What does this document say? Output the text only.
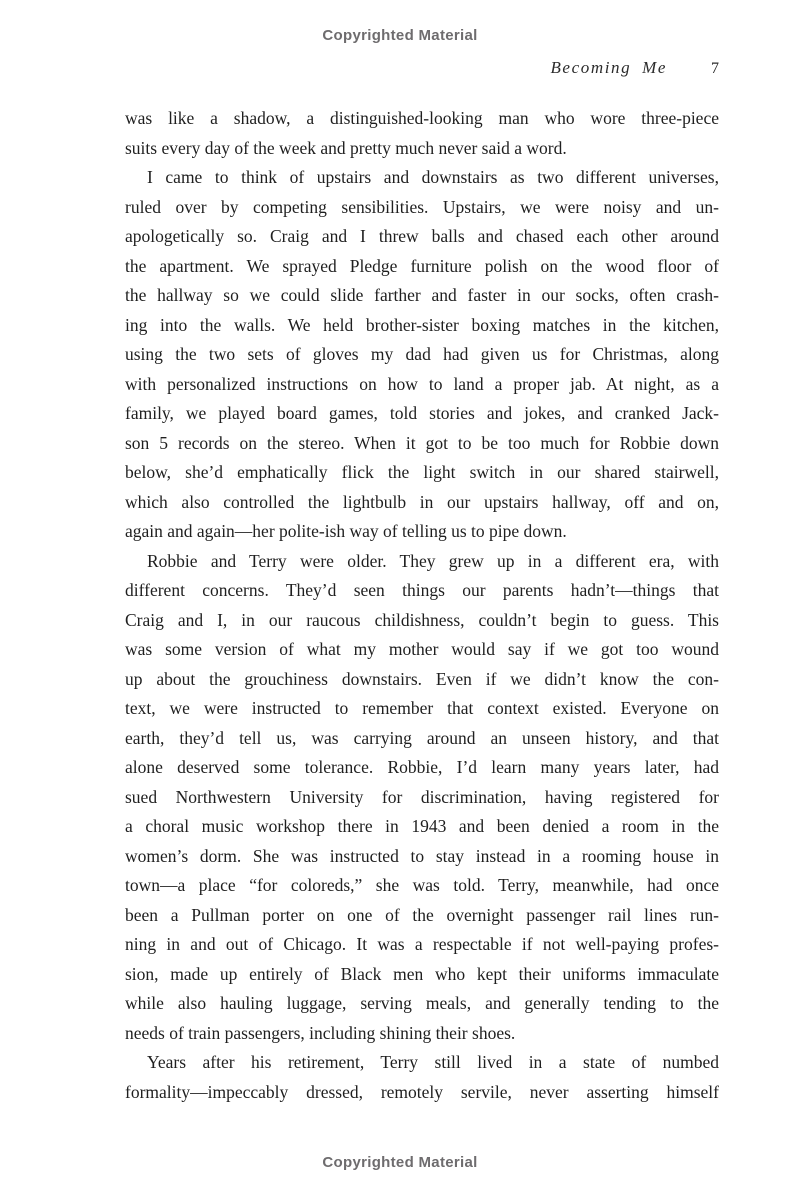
Copyrighted Material
Becoming Me	7
was like a shadow, a distinguished-looking man who wore three-piece
suits every day of the week and pretty much never said a word.
I came to think of upstairs and downstairs as two different universes,
ruled over by competing sensibilities. Upstairs, we were noisy and un-
apologetically so. Craig and I threw balls and chased each other around
the apartment. We sprayed Pledge furniture polish on the wood floor of
the hallway so we could slide farther and faster in our socks, often crash-
ing into the walls. We held brother-sister boxing matches in the kitchen,
using the two sets of gloves my dad had given us for Christmas, along
with personalized instructions on how to land a proper jab. At night, as a
family, we played board games, told stories and jokes, and cranked Jack-
son 5 records on the stereo. When it got to be too much for Robbie down
below, she’d emphatically flick the light switch in our shared stairwell,
which also controlled the lightbulb in our upstairs hallway, off and on,
again and again—her polite-ish way of telling us to pipe down.
Robbie and Terry were older. They grew up in a different era, with
different concerns. They’d seen things our parents hadn’t—things that
Craig and I, in our raucous childishness, couldn’t begin to guess. This
was some version of what my mother would say if we got too wound
up about the grouchiness downstairs. Even if we didn’t know the con-
text, we were instructed to remember that context existed. Everyone on
earth, they’d tell us, was carrying around an unseen history, and that
alone deserved some tolerance. Robbie, I’d learn many years later, had
sued Northwestern University for discrimination, having registered for
a choral music workshop there in 1943 and been denied a room in the
women’s dorm. She was instructed to stay instead in a rooming house in
town—a place “for coloreds,” she was told. Terry, meanwhile, had once
been a Pullman porter on one of the overnight passenger rail lines run-
ning in and out of Chicago. It was a respectable if not well-paying profes-
sion, made up entirely of Black men who kept their uniforms immaculate
while also hauling luggage, serving meals, and generally tending to the
needs of train passengers, including shining their shoes.
Years after his retirement, Terry still lived in a state of numbed
formality—impeccably dressed, remotely servile, never asserting himself
Copyrighted Material
